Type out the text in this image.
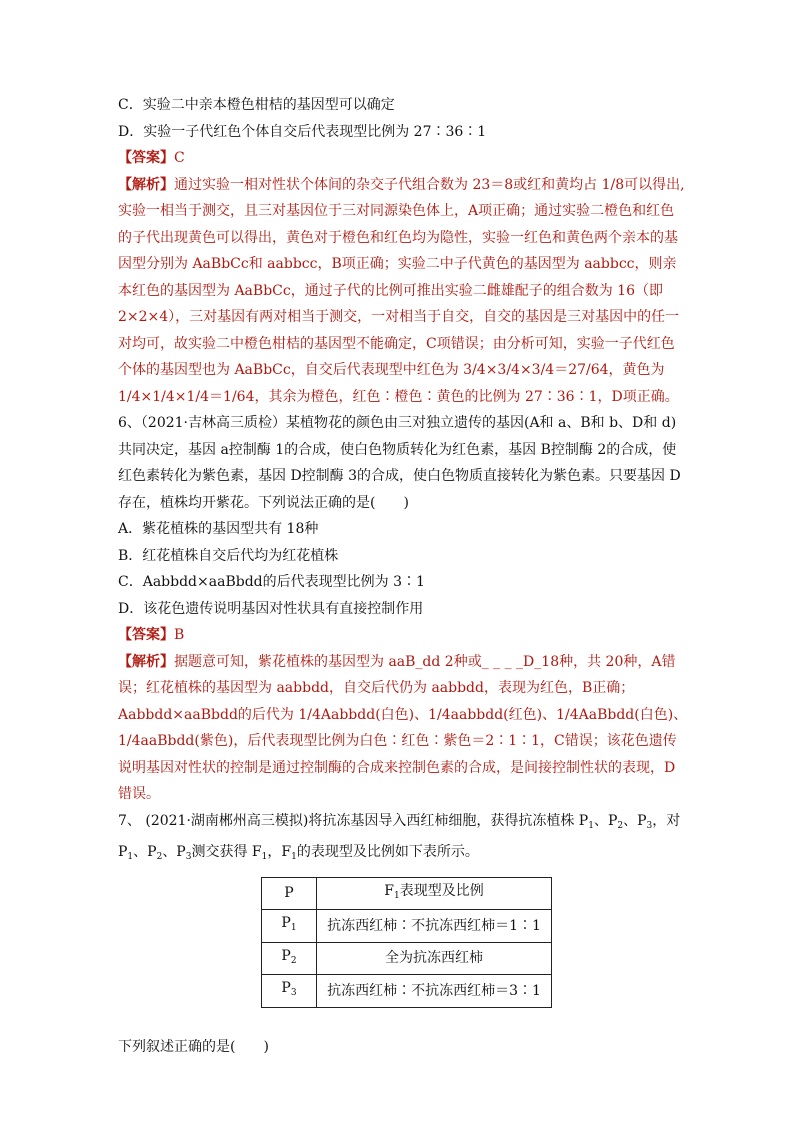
C．实验二中亲本橙色柑桔的基因型可以确定

D．实验一子代红色个体自交后代表现型比例为 27∶36∶1

【答案】C

【解析】通过实验一相对性状个体间的杂交子代组合数为 23＝8或红和黄均占 1/8可以得出,实验一相当于测交，且三对基因位于三对同源染色体上，A项正确；通过实验二橙色和红色的子代出现黄色可以得出，黄色对于橙色和红色均为隐性，实验一红色和黄色两个亲本的基因型分别为 AaBbCc和 aabbcc，B项正确；实验二中子代黄色的基因型为 aabbcc，则亲本红色的基因型为 AaBbCc，通过子代的比例可推出实验二雌雄配子的组合数为 16（即 2×2×4），三对基因有两对相当于测交，一对相当于自交，自交的基因是三对基因中的任一对均可，故实验二中橙色柑桔的基因型不能确定，C项错误；由分析可知，实验一子代红色个体的基因型也为 AaBbCc，自交后代表现型中红色为 3/4×3/4×3/4＝27/64，黄色为 1/4×1/4×1/4＝1/64，其余为橙色，红色∶橙色∶黄色的比例为 27∶36∶1，D项正确。

6、（2021·吉林高三质检）某植物花的颜色由三对独立遗传的基因(A和 a、B和 b、D和 d)共同决定，基因 a控制酶 1的合成，使白色物质转化为红色素，基因 B控制酶 2的合成，使红色素转化为紫色素，基因 D控制酶 3的合成，使白色物质直接转化为紫色素。只要基因 D存在，植株均开紫花。下列说法正确的是(　　)

A．紫花植株的基因型共有 18种

B．红花植株自交后代均为红花植株

C．Aabbdd×aaBbdd的后代表现型比例为 3∶1

D．该花色遗传说明基因对性状具有直接控制作用

【答案】B

【解析】据题意可知，紫花植株的基因型为 aaB_dd 2种或_ _ _ _D_18种，共 20种，A错误；红花植株的基因型为 aabbdd，自交后代仍为 aabbdd，表现为红色，B正确；Aabbdd×aaBbdd的后代为 1/4Aabbdd(白色)、1/4aabbdd(红色)、1/4AaBbdd(白色)、1/4aaBbdd(紫色)，后代表现型比例为白色∶红色∶紫色＝2∶1∶1，C错误；该花色遗传说明基因对性状的控制是通过控制酶的合成来控制色素的合成，是间接控制性状的表现，D错误。

7、 (2021·湖南郴州高三模拟)将抗冻基因导入西红柿细胞，获得抗冻植株 $P_1$、$P_2$、$P_3$，对 $P_1$、$P_2$、$P_3$测交获得 $F_1$，$F_1$的表现型及比例如下表所示。

P	$F_1$表现型及比例
$P_1$	抗冻西红柿∶不抗冻西红柿＝1∶1
$P_2$	全为抗冻西红柿
$P_3$	抗冻西红柿∶不抗冻西红柿＝3∶1

下列叙述正确的是(　　)
